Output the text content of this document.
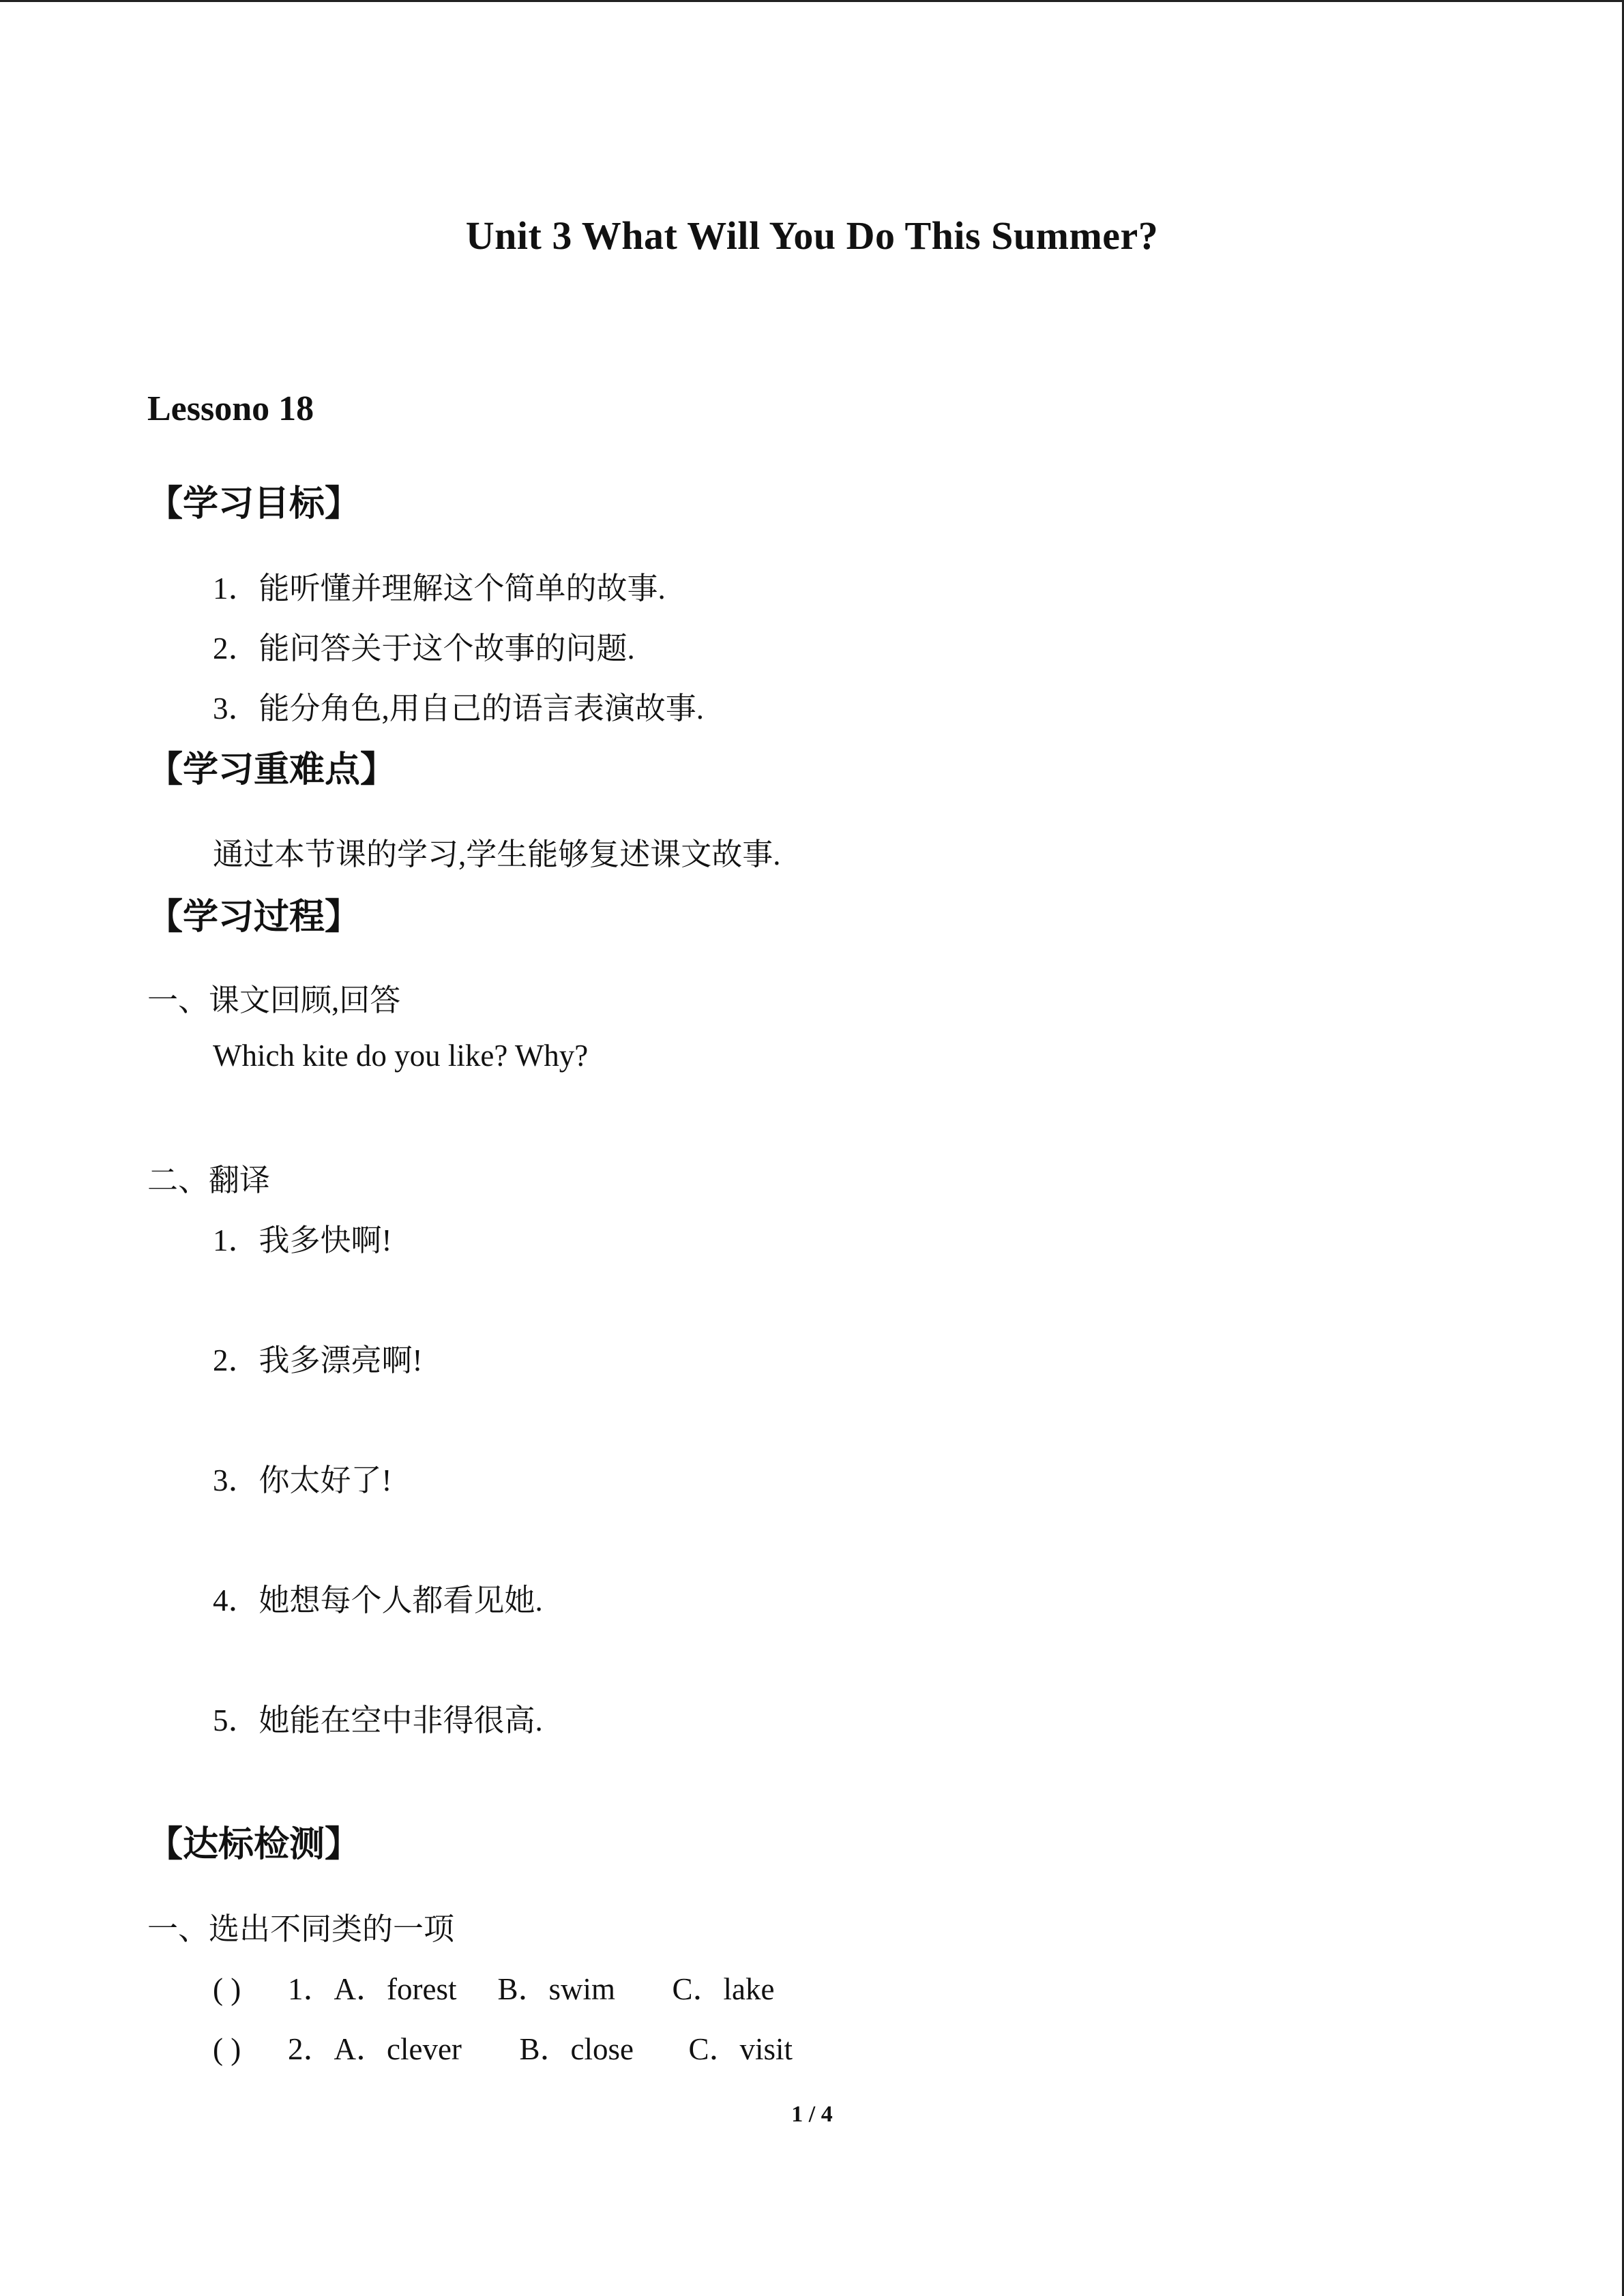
Unit 3 What Will You Do This Summer?
Lessono 18
【学习目标】
1．能听懂并理解这个简单的故事.
2．能问答关于这个故事的问题.
3．能分角色,用自己的语言表演故事.
【学习重难点】
通过本节课的学习,学生能够复述课文故事.
【学习过程】
一、课文回顾,回答
Which kite do you like? Why?
二、翻译
1．我多快啊!
2．我多漂亮啊!
3．你太好了!
4．她想每个人都看见她.
5．她能在空中非得很高.
【达标检测】
一、选出不同类的一项
( ) 1．A．forest B．swim C．lake
( ) 2．A．clever B．close C．visit
1 / 4
